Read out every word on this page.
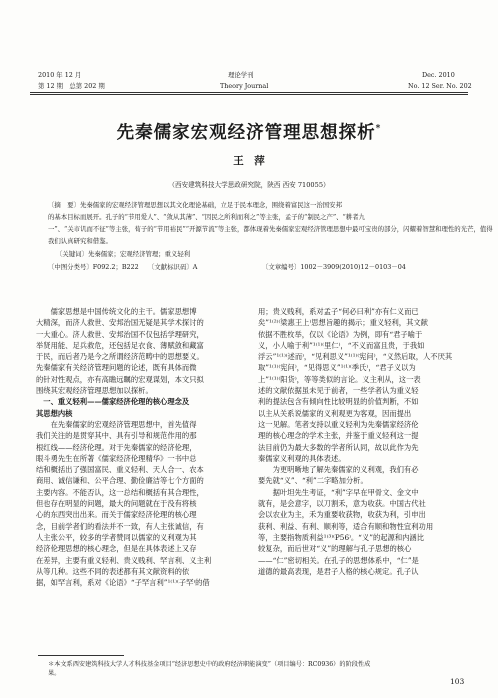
2010 年 12 月	理论学刊	Dec. 2010
第 12 期　总第 202 期	Theory Journal	No. 12 Ser. No. 202
先秦儒家宏观经济管理思想探析*
王　萍
（西安建筑科技大学思政研究院，陕西 西安 710055）
〔摘　要〕先秦儒家的宏观经济管理思想以其文化理论基础，立足于民本理念，围绕着富民这一治国安邦
的基本目标而展开。孔子的“节用爱人”、“敛从其薄”、“因民之所利而利之”等主张，孟子的“制民之产”、“耕者九
一”、“关市讥而不征”等主张，荀子的“节用裕民”“开源节流”等主张，都体现着先秦儒家宏观经济管理思想中最可宝贵的部分，闪耀着智慧和理性的光芒，值得
我们认真研究和借鉴。
〔关键词〕先秦儒家；宏观经济管理；重义轻利
〔中图分类号〕F092.2；B222 〔文献标识码〕A	〔文章编号〕1002－3909(2010)12－0103－04
　　儒家思想是中国传统文化的主干。儒家思想博
大精深，而济人救世、安邦治国无疑是其学术探讨的
一大重心。济人救世、安邦治国不仅包括学理研究，
举贤用能、足兵救危，还包括足衣食、薄赋敛和藏富
于民，而后者乃是今之所谓经济范畴中的思想要义。
先秦儒家有关经济管理问题的论述，既有具体而微
的针对性观点，亦有高瞻远瞩的宏观谋划，本文只拟
围绕其宏观经济管理思想加以探析。
　一、重义轻利——儒家经济伦理的核心理念及
其思想内核
　　在先秦儒家的宏观经济管理思想中，首先值得
我们关注的是贯穿其中、具有引导和规范作用的那
根红线——经济伦理。对于先秦儒家的经济伦理，
眼斗勇先生在所著《儒家经济伦理精华》一书中总
结和概括出了强国富民、重义轻利、天人合一、农本
商用、诚信谦和、公平合理、勤俭廉洁等七个方面的
主要内容。不能否认，这一总结和概括有其合理性，
但也存在明显的问题，最大的问题就在于没有将核
心的东西突出出来。而关于儒家经济伦理的核心理
念，目前学者们的看法并不一致，有人主张诚信，有
人主张公平，较多的学者赞同以儒家的义利观为其
经济伦理思想的核心理念，但是在具体表述上又存
在差异，主要有重义轻利、贵义贱利、罕言利、义主利
从等几种。这些不同的表述都有其文献资料的依
据，如罕言利，系对《论语》“子罕言利”¹⁽¹⁾⁽子罕⁾的借
用；贵义贱利，系对孟子“何必曰利”亦有仁义而已
矣”¹⁽²⁾⁽梁惠王上⁾思想旨趣的揭示；重义轻利，其文献
依据不胜枚举，仅以《论语》为例，即有“君子喻于
义，小人喻于利”¹⁽¹⁾⁽里仁⁾，“不义而富且贵，于我如
浮云”¹⁽¹⁾⁽述而⁾，“见利思义”¹⁽¹⁾⁽宪问⁾，“义然后取，人不厌其
取”¹⁽¹⁾⁽宪问⁾，“见得思义”¹⁽¹⁾⁽季氏⁾，“君子义以为
上”¹⁽¹⁾⁽阳货⁾，等等类似的言论。义主利从，这一表
述的文献依据虽未见于前者，一些学者认为重义轻
利的提法包含有倾向性比较明显的价值判断，不如
以主从关系说儒家的义利观更为客观，因而提出
这一见解。笔者支持以重义轻利为先秦儒家经济伦
理的核心理念的学术主张，并鉴于重义轻利这一提
法目前仍为最大多数的学者所认同，故以此作为先
秦儒家义利观的具体表述。
　　为更明晰地了解先秦儒家的义利观，我们有必
要先就“义”、“利”二字略加分析。
　　据叶坦先生考证，“利”字早在甲骨文、金文中
就有，是会意字，以刀割禾，意为收获。中国古代社
会以农业为主，禾为重要收获物，收获为利，引申出
获利、利益、有利、顺利等，适合有顺和物性宜利功用
等，主要指物质利益¹⁽³⁾⁽P56⁾。“义”的起源和内涵比
较复杂，而后世对“义”的理解与孔子思想的核心
——“仁”密切相关。在孔子的思想体系中，“仁”是
道德的最高表现，是君子人格的核心规定。孔子认
＊本文系西安建筑科技大学人才科技基金项目“经济思想史中的政府经济职能演变”（项目编号：RC0936）的阶段性成
果。
103
